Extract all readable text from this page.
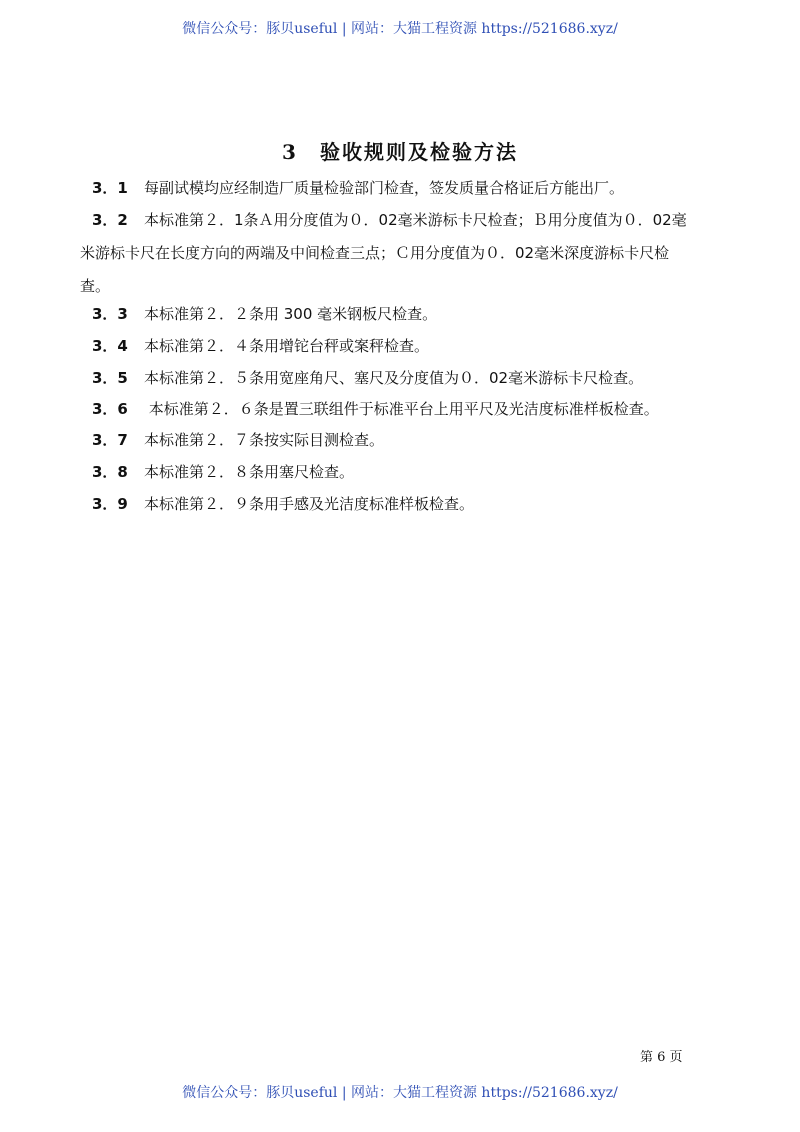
微信公众号：豚贝useful | 网站：大猫工程资源 https://521686.xyz/
3 验收规则及检验方法
3．1 每副试模均应经制造厂质量检验部门检查，签发质量合格证后方能出厂。
3．2 本标准第２．1条Ａ用分度值为０．02毫米游标卡尺检查；Ｂ用分度值为０．02毫
米游标卡尺在长度方向的两端及中间检查三点；Ｃ用分度值为０．02毫米深度游标卡尺检
查。
3．3 本标准第２．２条用 300 毫米钢板尺检查。
3．4 本标准第２．４条用增铊台秤或案秤检查。
3．5 本标准第２．５条用宽座角尺、塞尺及分度值为０．02毫米游标卡尺检查。
3．6 本标准第２．６条是置三联组件于标准平台上用平尺及光洁度标准样板检查。
3．7 本标准第２．７条按实际目测检查。
3．8 本标准第２．８条用塞尺检查。
3．9 本标准第２．９条用手感及光洁度标准样板检查。
第 6 页
微信公众号：豚贝useful | 网站：大猫工程资源 https://521686.xyz/
